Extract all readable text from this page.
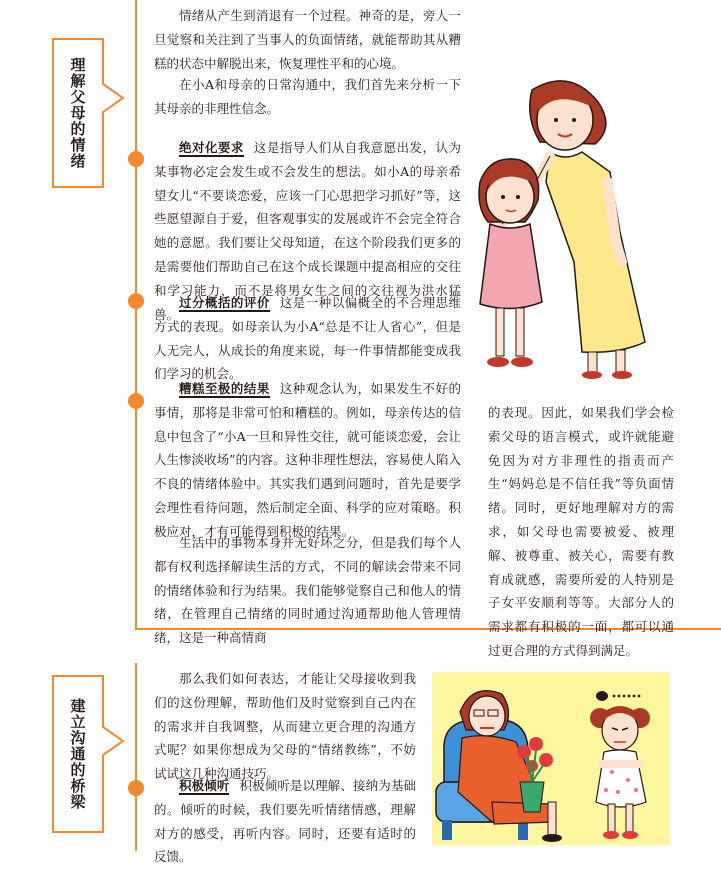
理解父母的情绪
建立沟通的桥梁

情绪从产生到消退有一个过程。神奇的是，旁人一旦觉察和关注到了当事人的负面情绪，就能帮助其从糟糕的状态中解脱出来，恢复理性平和的心境。

在小A和母亲的日常沟通中，我们首先来分析一下其母亲的非理性信念。

绝对化要求 这是指导人们从自我意愿出发，认为某事物必定会发生或不会发生的想法。如小A的母亲希望女儿“不要谈恋爱，应该一门心思把学习抓好”等，这些愿望源自于爱，但客观事实的发展或许不会完全符合她的意愿。我们要让父母知道，在这个阶段我们更多的是需要他们帮助自己在这个成长课题中提高相应的交往和学习能力，而不是将男女生之间的交往视为洪水猛兽。

过分概括的评价 这是一种以偏概全的不合理思维方式的表现。如母亲认为小A“总是不让人省心”，但是人无完人，从成长的角度来说，每一件事情都能变成我们学习的机会。

糟糕至极的结果 这种观念认为，如果发生不好的事情，那将是非常可怕和糟糕的。例如，母亲传达的信息中包含了“小A一旦和异性交往，就可能谈恋爱，会让人生惨淡收场”的内容。这种非理性想法，容易使人陷入不良的情绪体验中。其实我们遇到问题时，首先是要学会理性看待问题，然后制定全面、科学的应对策略。积极应对，才有可能得到积极的结果。

生活中的事物本身并无好坏之分，但是我们每个人都有权利选择解读生活的方式，不同的解读会带来不同的情绪体验和行为结果。我们能够觉察自己和他人的情绪，在管理自己情绪的同时通过沟通帮助他人管理情绪，这是一种高情商

的表现。因此，如果我们学会检索父母的语言模式，或许就能避免因为对方非理性的指责而产生“妈妈总是不信任我”等负面情绪。同时，更好地理解对方的需求，如父母也需要被爱、被理解、被尊重、被关心，需要有教育成就感，需要所爱的人特别是子女平安顺利等等。大部分人的需求都有积极的一面，都可以通过更合理的方式得到满足。

那么我们如何表达，才能让父母接收到我们的这份理解，帮助他们及时觉察到自己内在的需求并自我调整，从而建立更合理的沟通方式呢？如果你想成为父母的“情绪教练”，不妨试试这几种沟通技巧。

积极倾听 积极倾听是以理解、接纳为基础的。倾听的时候，我们要先听情绪情感，理解对方的感受，再听内容。同时，还要有适时的反馈。
